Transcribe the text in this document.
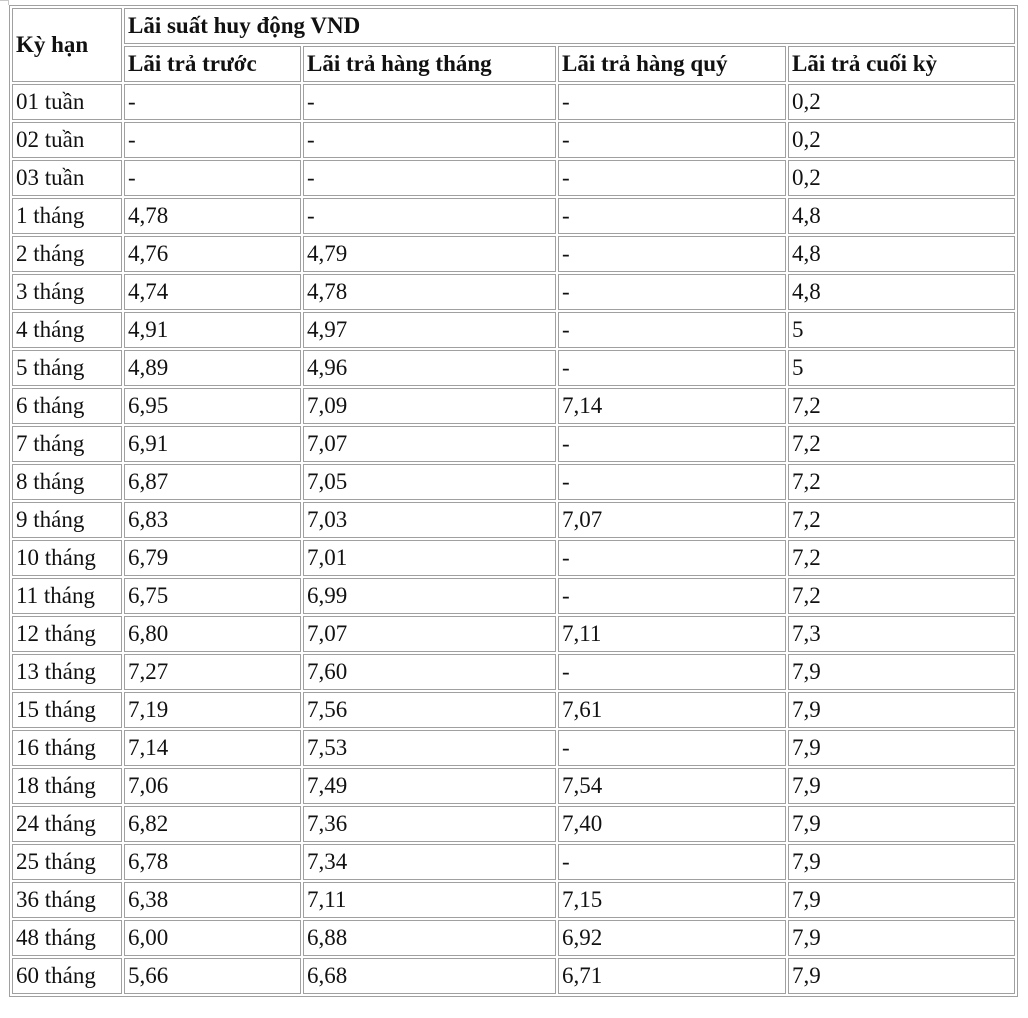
Kỳ hạn	Lãi suất huy động VND			
	Lãi trả trước	Lãi trả hàng tháng	Lãi trả hàng quý	Lãi trả cuối kỳ
01 tuần	-	-	-	0,2
02 tuần	-	-	-	0,2
03 tuần	-	-	-	0,2
1 tháng	4,78	-	-	4,8
2 tháng	4,76	4,79	-	4,8
3 tháng	4,74	4,78	-	4,8
4 tháng	4,91	4,97	-	5
5 tháng	4,89	4,96	-	5
6 tháng	6,95	7,09	7,14	7,2
7 tháng	6,91	7,07	-	7,2
8 tháng	6,87	7,05	-	7,2
9 tháng	6,83	7,03	7,07	7,2
10 tháng	6,79	7,01	-	7,2
11 tháng	6,75	6,99	-	7,2
12 tháng	6,80	7,07	7,11	7,3
13 tháng	7,27	7,60	-	7,9
15 tháng	7,19	7,56	7,61	7,9
16 tháng	7,14	7,53	-	7,9
18 tháng	7,06	7,49	7,54	7,9
24 tháng	6,82	7,36	7,40	7,9
25 tháng	6,78	7,34	-	7,9
36 tháng	6,38	7,11	7,15	7,9
48 tháng	6,00	6,88	6,92	7,9
60 tháng	5,66	6,68	6,71	7,9
